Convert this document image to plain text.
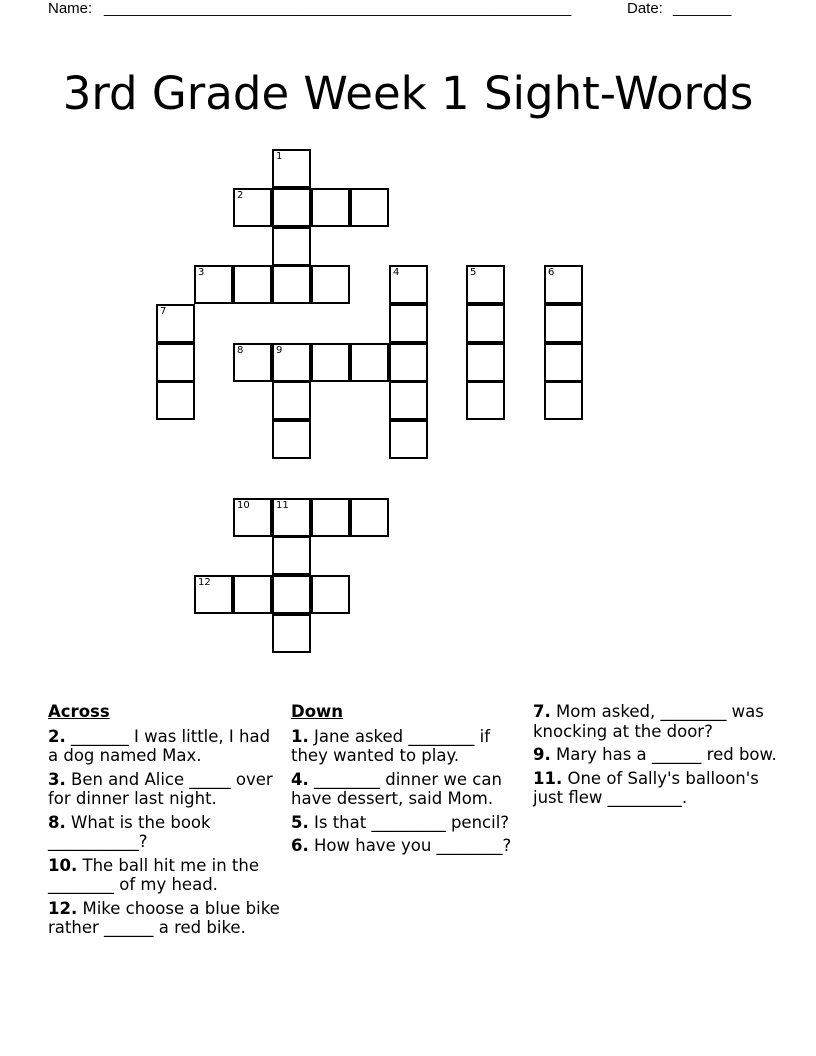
Name: ________________________________________________________	Date: _______
3rd Grade Week 1 Sight-Words
1
2
3	4	5	6
7
8	9
10	11
12
Across
2. _______ I was little, I had a dog named Max.
3. Ben and Alice _____ over for dinner last night.
8. What is the book ___________?
10. The ball hit me in the ________ of my head.
12. Mike choose a blue bike rather ______ a red bike.
Down
1. Jane asked ________ if they wanted to play.
4. ________ dinner we can have dessert, said Mom.
5. Is that _________ pencil?
6. How have you ________?
7. Mom asked, ________ was knocking at the door?
9. Mary has a ______ red bow.
11. One of Sally's balloon's just flew _________.
